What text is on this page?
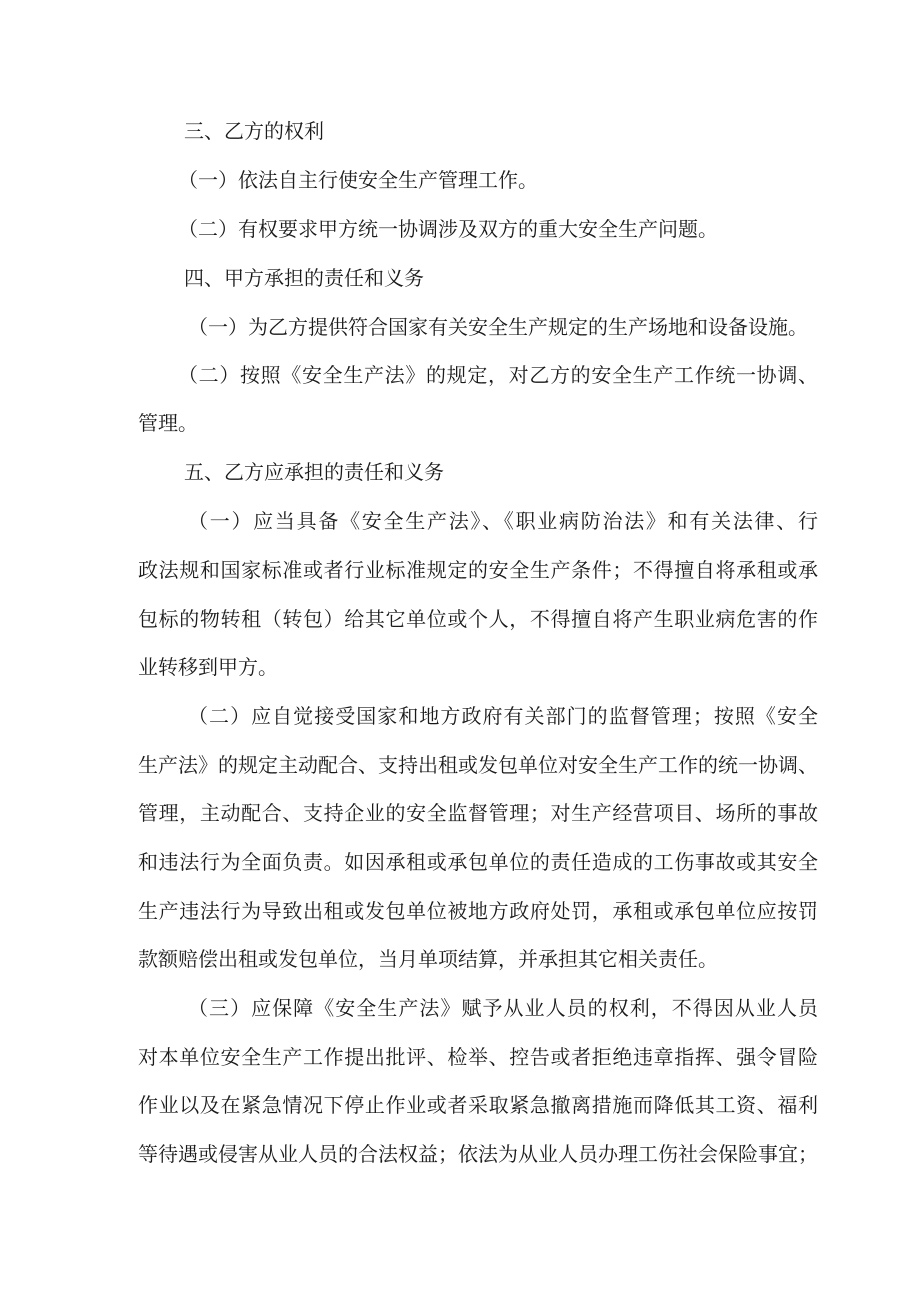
三、乙方的权利
（一）依法自主行使安全生产管理工作。
（二）有权要求甲方统一协调涉及双方的重大安全生产问题。
四、甲方承担的责任和义务
（一）为乙方提供符合国家有关安全生产规定的生产场地和设备设施。
（二）按照《安全生产法》的规定，对乙方的安全生产工作统一协调、
管理。
五、乙方应承担的责任和义务
（一）应当具备《安全生产法》、《职业病防治法》和有关法律、行
政法规和国家标准或者行业标准规定的安全生产条件；不得擅自将承租或承
包标的物转租（转包）给其它单位或个人，不得擅自将产生职业病危害的作
业转移到甲方。
（二）应自觉接受国家和地方政府有关部门的监督管理；按照《安全
生产法》的规定主动配合、支持出租或发包单位对安全生产工作的统一协调、
管理，主动配合、支持企业的安全监督管理；对生产经营项目、场所的事故
和违法行为全面负责。如因承租或承包单位的责任造成的工伤事故或其安全
生产违法行为导致出租或发包单位被地方政府处罚，承租或承包单位应按罚
款额赔偿出租或发包单位，当月单项结算，并承担其它相关责任。
（三）应保障《安全生产法》赋予从业人员的权利，不得因从业人员
对本单位安全生产工作提出批评、检举、控告或者拒绝违章指挥、强令冒险
作业以及在紧急情况下停止作业或者采取紧急撤离措施而降低其工资、福利
等待遇或侵害从业人员的合法权益；依法为从业人员办理工伤社会保险事宜；
